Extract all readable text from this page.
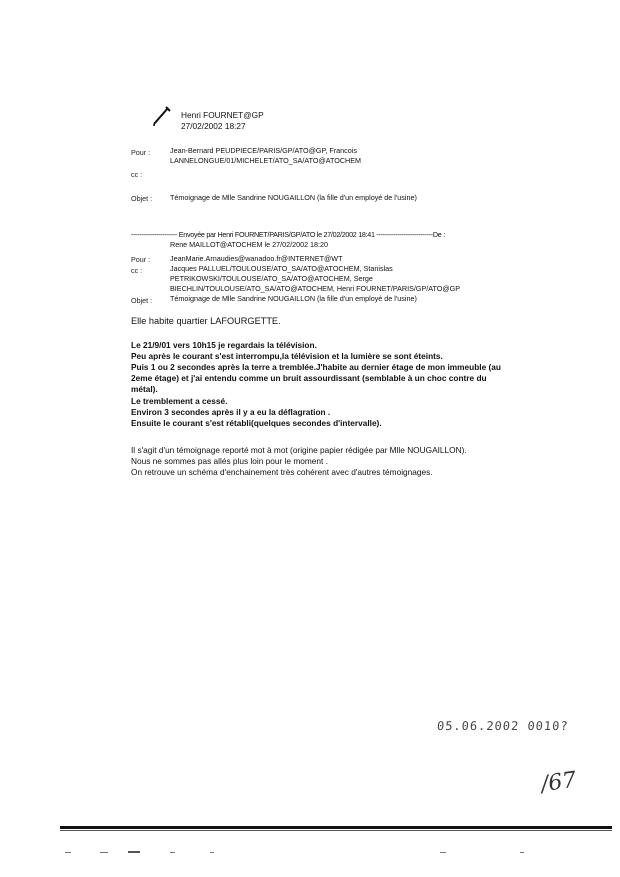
Henri FOURNET@GP
27/02/2002 18:27
Pour :	Jean-Bernard PEUDPIECE/PARIS/GP/ATO@GP, Francois
LANNELONGUE/01/MICHELET/ATO_SA/ATO@ATOCHEM
cc :
Objet : Témoignage de Mlle Sandrine NOUGAILLON (la fille d'un employé de l'usine)
---------------------- Envoyée par Henri FOURNET/PARIS/GP/ATO le 27/02/2002 18:41 ---------------------------De :
Rene MAILLOT@ATOCHEM le 27/02/2002 18:20
Pour :	JeanMarie.Arnaudies@wanadoo.fr@INTERNET@WT
cc :	Jacques PALLUEL/TOULOUSE/ATO_SA/ATO@ATOCHEM, Stanislas
PETRIKOWSKI/TOULOUSE/ATO_SA/ATO@ATOCHEM, Serge
BIECHLIN/TOULOUSE/ATO_SA/ATO@ATOCHEM, Henri FOURNET/PARIS/GP/ATO@GP
Objet : Témoignage de Mlle Sandrine NOUGAILLON (la fille d'un employé de l'usine)
Elle habite quartier LAFOURGETTE.
Le 21/9/01 vers 10h15 je regardais la télévision.
Peu après le courant s'est interrompu,la télévision et la lumière se sont éteints.
Puis 1 ou 2 secondes après la terre a tremblée.J'habite au dernier étage de mon immeuble (au
2eme étage) et j'ai entendu comme un bruit assourdissant (semblable à un choc contre du
métal).
Le tremblement a cessé.
Environ 3 secondes après il y a eu la déflagration .
Ensuite le courant s'est rétabli(quelques secondes d'intervalle).
Il s'agit d'un témoignage reporté mot à mot (origine papier rédigée par Mlle NOUGAILLON).
Nous ne sommes pas allés plus loin pour le moment .
On retrouve un schéma d'enchainement très cohérent avec d'autres témoignages.
05.06.2002 0010?
/67
